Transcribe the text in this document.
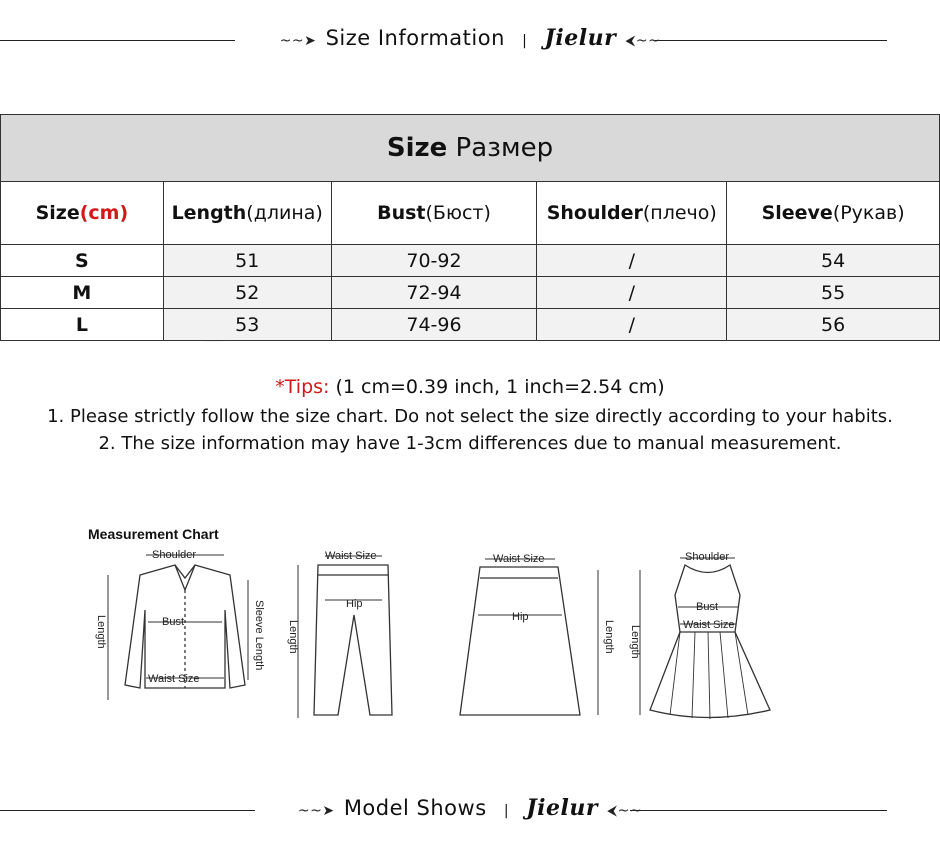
~~➤ Size Information | Jielur ⮜~~
Size Размер				
Size(cm)	Length(длина)	Bust(Бюст)	Shoulder(плечо)	Sleeve(Рукав)
S	51	70-92	/	54
M	52	72-94	/	55
L	53	74-96	/	56
*Tips: (1 cm=0.39 inch, 1 inch=2.54 cm)
1. Please strictly follow the size chart. Do not select the size directly according to your habits.
2. The size information may have 1-3cm differences due to manual measurement.
Measurement Chart
Shoulder
Bust
Waist Size
Length	Sleeve Length
Waist Size
Hip
Length
Waist Size
Hip
Length
Shoulder
Bust
Waist Size
Length
~~➤ Model Shows | Jielur ⮜~~
